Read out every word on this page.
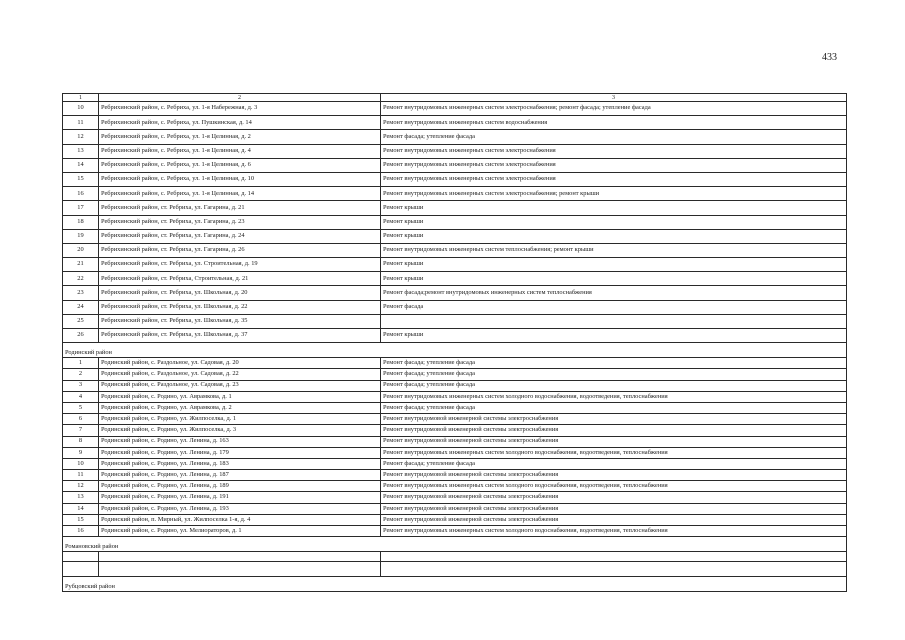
433
1	2	3
10	Ребрихинский район, с. Ребриха, ул. 1-я Набережная, д. 3	Ремонт внутридомовых инженерных систем электроснабжения; ремонт фасада; утепление фасада
11	Ребрихинский район, с. Ребриха, ул. Пушкинская, д. 14	Ремонт внутридомовых инженерных систем водоснабжения
12	Ребрихинский район, с. Ребриха, ул. 1-я Целинная, д. 2	Ремонт фасада; утепление фасада
13	Ребрихинский район, с. Ребриха, ул. 1-я Целинная, д. 4	Ремонт внутридомовых инженерных систем электроснабжения
14	Ребрихинский район, с. Ребриха, ул. 1-я Целинная, д. 6	Ремонт внутридомовых инженерных систем электроснабжения
15	Ребрихинский район, с. Ребриха, ул. 1-я Целинная, д. 10	Ремонт внутридомовых инженерных систем электроснабжения
16	Ребрихинский район, с. Ребриха, ул. 1-я Целинная, д. 14	Ремонт внутридомовых инженерных систем электроснабжения; ремонт крыши
17	Ребрихинский район, ст. Ребриха, ул. Гагарина, д. 21	Ремонт крыши
18	Ребрихинский район, ст. Ребриха, ул. Гагарина, д. 23	Ремонт крыши
19	Ребрихинский район, ст. Ребриха, ул. Гагарина, д. 24	Ремонт крыши
20	Ребрихинский район, ст. Ребриха, ул. Гагарина, д. 26	Ремонт внутридомовых инженерных систем теплоснабжения; ремонт крыши
21	Ребрихинский район, ст. Ребриха, ул. Строительная, д. 19	Ремонт крыши
22	Ребрихинский район, ст. Ребриха, Строительная, д. 21	Ремонт крыши
23	Ребрихинский район, ст. Ребриха, ул. Школьная, д. 20	Ремонт фасада;ремонт внутридомовых инженерных систем теплоснабжения
24	Ребрихинский район, ст. Ребриха, ул. Школьная, д. 22	Ремонт фасада
25	Ребрихинский район, ст. Ребриха, ул. Школьная, д. 35	
26	Ребрихинский район, ст. Ребриха, ул. Школьная, д. 37	Ремонт крыши
Родинский район		
1	Родинский район, с. Раздольное, ул. Садовая, д. 20	Ремонт фасада; утепление фасада
2	Родинский район, с. Раздольное, ул. Садовая, д. 22	Ремонт фасада; утепление фасада
3	Родинский район, с. Раздольное, ул. Садовая, д. 23	Ремонт фасада; утепление фасада
4	Родинский район, с. Родино, ул. Аврамкова, д. 1	Ремонт внутридомовых инженерных систем холодного водоснабжения, водоотведения, теплоснабжения
5	Родинский район, с. Родино, ул. Аврамкова, д. 2	Ремонт фасада; утепление фасада
6	Родинский район, с. Родино, ул. Жилпоселка, д. 1	Ремонт внутридомовой инженерной системы электроснабжения
7	Родинский район, с. Родино, ул. Жилпоселка, д. 3	Ремонт внутридомовой инженерной системы электроснабжения
8	Родинский район, с. Родино, ул. Ленина, д. 163	Ремонт внутридомовой инженерной системы электроснабжения
9	Родинский район, с. Родино, ул. Ленина, д. 179	Ремонт внутридомовых инженерных систем холодного водоснабжения, водоотведения, теплоснабжения
10	Родинский район, с. Родино, ул. Ленина, д. 183	Ремонт фасада; утепление фасада
11	Родинский район, с. Родино, ул. Ленина, д. 187	Ремонт внутридомовой инженерной системы электроснабжения
12	Родинский район, с. Родино, ул. Ленина, д. 189	Ремонт внутридомовых инженерных систем холодного водоснабжения, водоотведения, теплоснабжения
13	Родинский район, с. Родино, ул. Ленина, д. 191	Ремонт внутридомовой инженерной системы электроснабжения
14	Родинский район, с. Родино, ул. Ленина, д. 193	Ремонт внутридомовой инженерной системы электроснабжения
15	Родинский район, п. Мирный, ул. Жилпоселка 1-я, д. 4	Ремонт внутридомовой инженерной системы электроснабжения
16	Родинский район, с. Родино, ул. Мелиораторов, д. 1	Ремонт внутридомовых инженерных систем холодного водоснабжения, водоотведения, теплоснабжения
Романовский район		

Рубцовский район		
